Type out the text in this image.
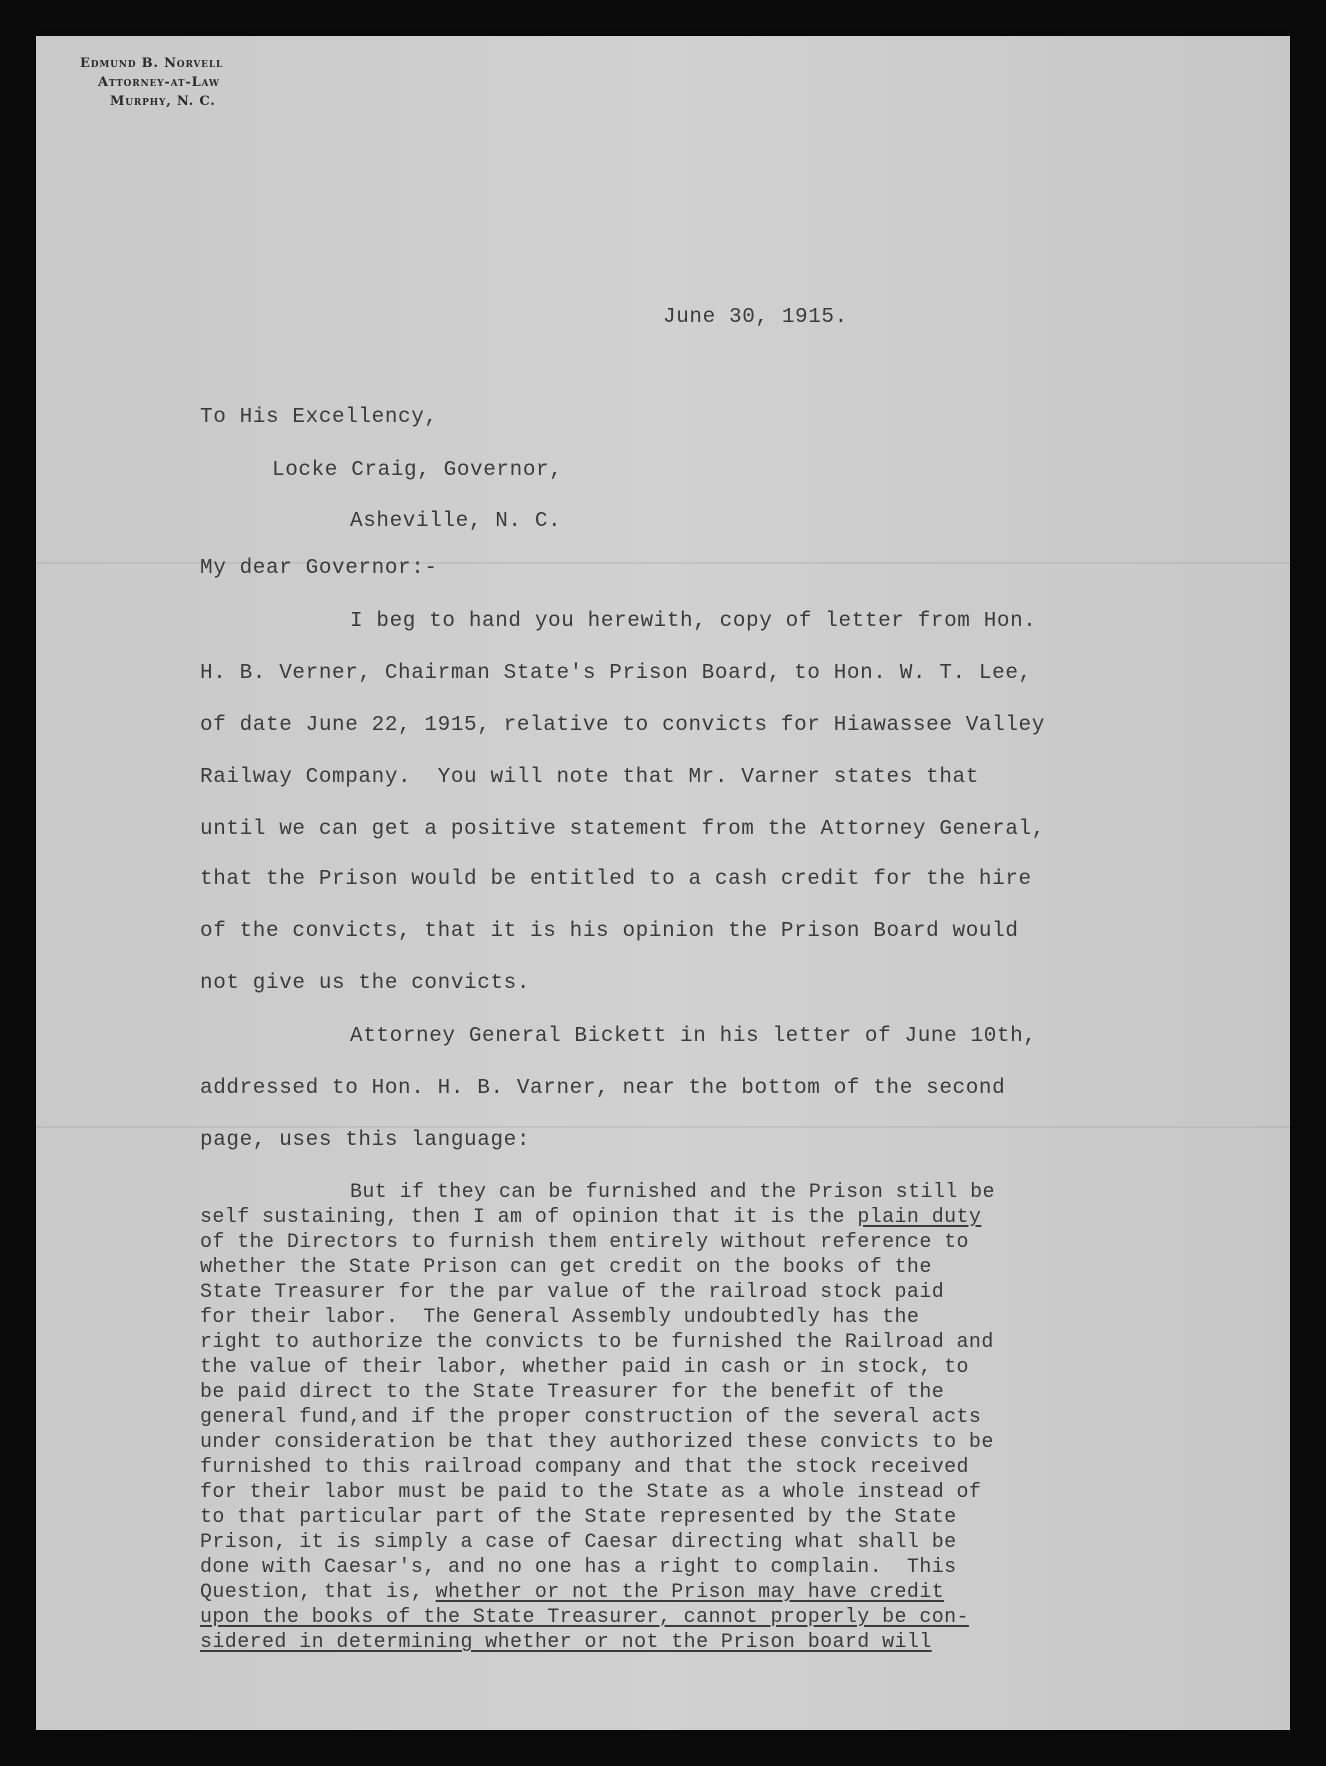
Edmund B. Norvell
Attorney-at-Law
Murphy, N. C.

June 30, 1915.

To His Excellency,

Locke Craig, Governor,

Asheville, N. C.

My dear Governor:-

I beg to hand you herewith, copy of letter from Hon.

H. B. Verner, Chairman State's Prison Board, to Hon. W. T. Lee,

of date June 22, 1915, relative to convicts for Hiawassee Valley

Railway Company.  You will note that Mr. Varner states that

until we can get a positive statement from the Attorney General,

that the Prison would be entitled to a cash credit for the hire

of the convicts, that it is his opinion the Prison Board would

not give us the convicts.

Attorney General Bickett in his letter of June 10th,

addressed to Hon. H. B. Varner, near the bottom of the second

page, uses this language:

But if they can be furnished and the Prison still be

self sustaining, then I am of opinion that it is the plain duty

of the Directors to furnish them entirely without reference to

whether the State Prison can get credit on the books of the

State Treasurer for the par value of the railroad stock paid

for their labor.  The General Assembly undoubtedly has the

right to authorize the convicts to be furnished the Railroad and

the value of their labor, whether paid in cash or in stock, to

be paid direct to the State Treasurer for the benefit of the

general fund,and if the proper construction of the several acts

under consideration be that they authorized these convicts to be

furnished to this railroad company and that the stock received

for their labor must be paid to the State as a whole instead of

to that particular part of the State represented by the State

Prison, it is simply a case of Caesar directing what shall be

done with Caesar's, and no one has a right to complain.  This

Question, that is, whether or not the Prison may have credit

upon the books of the State Treasurer, cannot properly be con-

sidered in determining whether or not the Prison board will
